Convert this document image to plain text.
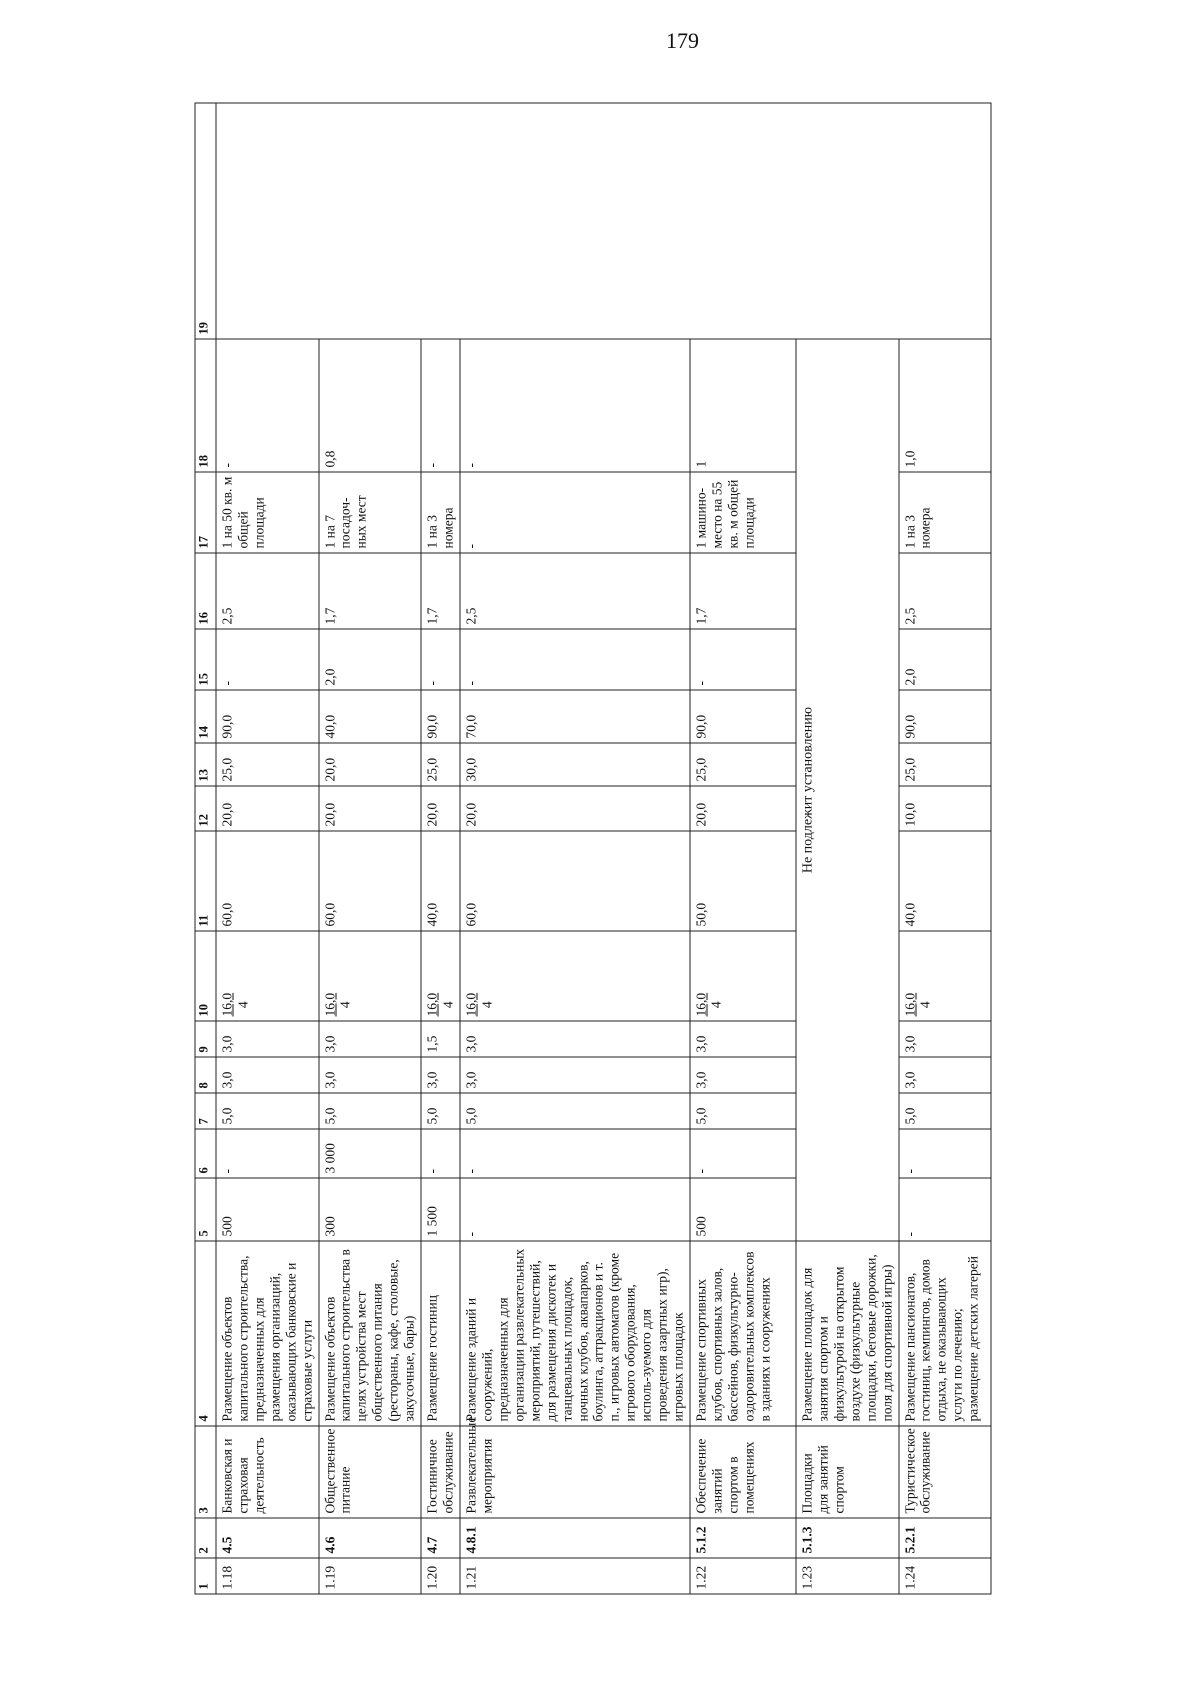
179
1	2	3	4	5	6	7	8	9	10	11	12	13	14	15	16	17	18	19
1.18	4.5	Банковская и страховая деятельность	Размещение объектов капитального строительства, предназначенных для размещения организаций, оказывающих банковские и страховые услуги	500	-	5,0	3,0	3,0	16,0 4	60,0	20,0	25,0	90,0	-	2,5	1 на 50 кв. м общей площади	-	
1.19	4.6	Общественное питание	Размещение объектов капитального строительства в целях устройства мест общественного питания (рестораны, кафе, столовые, закусочные, бары)	300	3 000	5,0	3,0	3,0	16,0 4	60,0	20,0	20,0	40,0	2,0	1,7	1 на 7 посадоч-ных мест	0,8	
1.20	4.7	Гостиничное обслуживание	Размещение гостиниц	1 500	-	5,0	3,0	1,5	16,0 4	40,0	20,0	25,0	90,0	-	1,7	1 на 3 номера	-	
1.21	4.8.1	Развлекательные мероприятия	Размещение зданий и сооружений, предназначенных для организации развлекательных мероприятий, путешествий, для размещения дискотек и танцевальных площадок, ночных клубов, аквапарков, боулинга, аттракционов и т. п., игровых автоматов (кроме игрового оборудования, исполь-зуемого для проведения азартных игр), игровых площадок	-	-	5,0	3,0	3,0	16,0 4	60,0	20,0	30,0	70,0	-	2,5	-	-	
1.22	5.1.2	Обеспечение занятий спортом в помещениях	Размещение спортивных клубов, спортивных залов, бассейнов, физкультурно-оздоровительных комплексов в зданиях и сооружениях	500	-	5,0	3,0	3,0	16,0 4	50,0	20,0	25,0	90,0	-	1,7	1 машино-место на 55 кв. м общей площади	1	
1.23	5.1.3	Площадки для занятий спортом	Размещение площадок для занятия спортом и физкультурой на открытом воздухе (физкультурные площадки, беговые дорожки, поля для спортивной игры)	Не подлежит установлению														
1.24	5.2.1	Туристическое обслуживание	Размещение пансионатов, гостиниц, кемпингов, домов отдыха, не оказывающих услуги по лечению; размещение детских лагерей	-	-	5,0	3,0	3,0	16,0 4	40,0	10,0	25,0	90,0	2,0	2,5	1 на 3 номера	1,0	
